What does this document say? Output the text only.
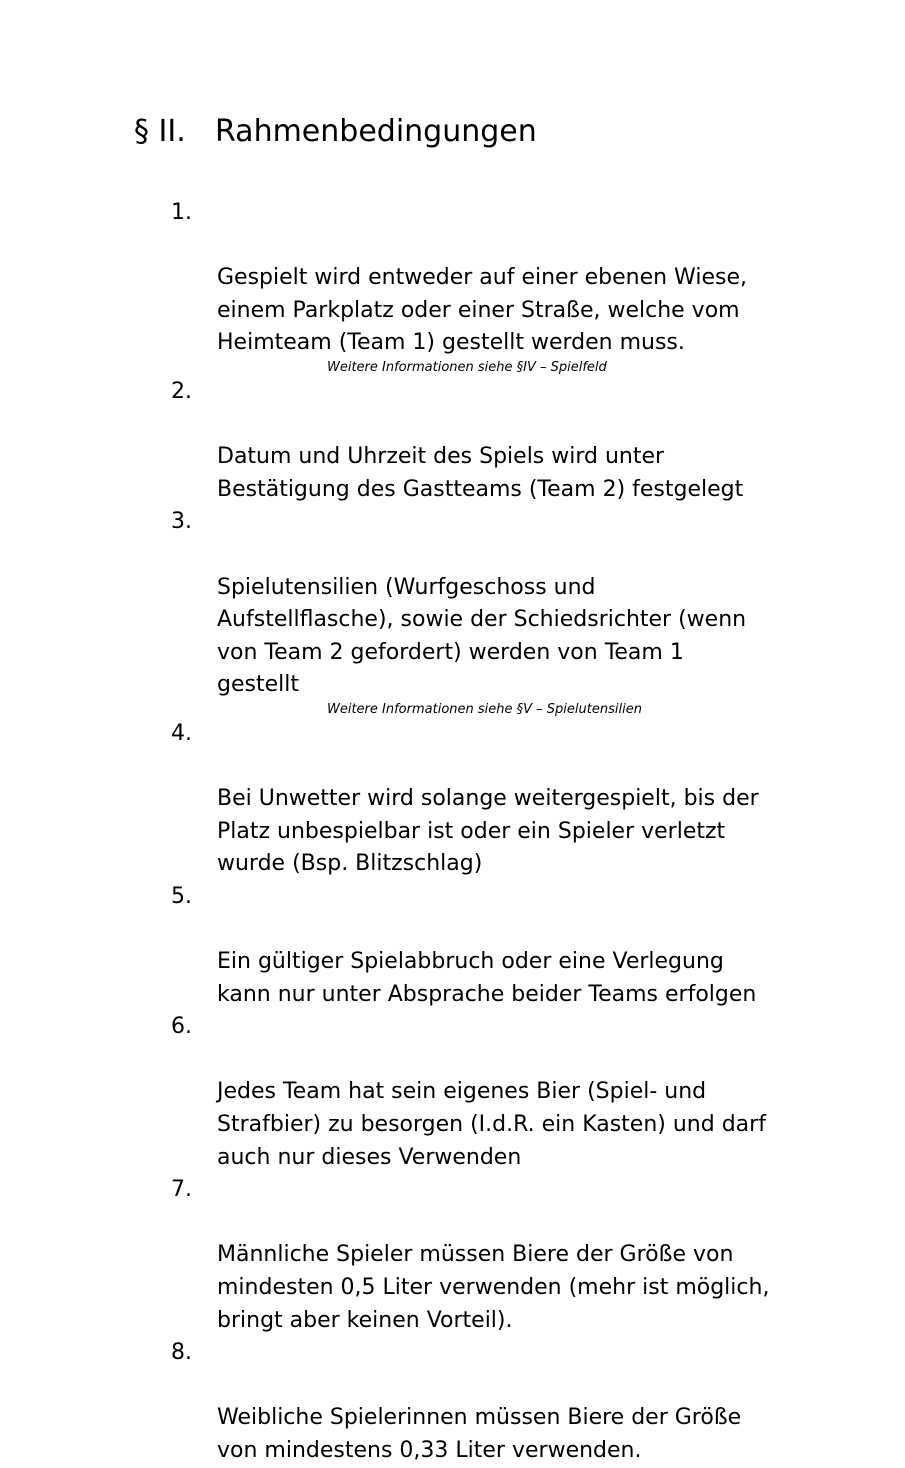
§ II. Rahmenbedingungen

1.

Gespielt wird entweder auf einer ebenen Wiese,
einem Parkplatz oder einer Straße, welche vom
Heimteam (Team 1) gestellt werden muss.

Weitere Informationen siehe §IV – Spielfeld

2.

Datum und Uhrzeit des Spiels wird unter
Bestätigung des Gastteams (Team 2) festgelegt

3.

Spielutensilien (Wurfgeschoss und
Aufstellflasche), sowie der Schiedsrichter (wenn
von Team 2 gefordert) werden von Team 1
gestellt

Weitere Informationen siehe §V – Spielutensilien

4.

Bei Unwetter wird solange weitergespielt, bis der
Platz unbespielbar ist oder ein Spieler verletzt
wurde (Bsp. Blitzschlag)

5.

Ein gültiger Spielabbruch oder eine Verlegung
kann nur unter Absprache beider Teams erfolgen

6.

Jedes Team hat sein eigenes Bier (Spiel- und
Strafbier) zu besorgen (I.d.R. ein Kasten) und darf
auch nur dieses Verwenden

7.

Männliche Spieler müssen Biere der Größe von
mindesten 0,5 Liter verwenden (mehr ist möglich,
bringt aber keinen Vorteil).

8.

Weibliche Spielerinnen müssen Biere der Größe
von mindestens 0,33 Liter verwenden.
